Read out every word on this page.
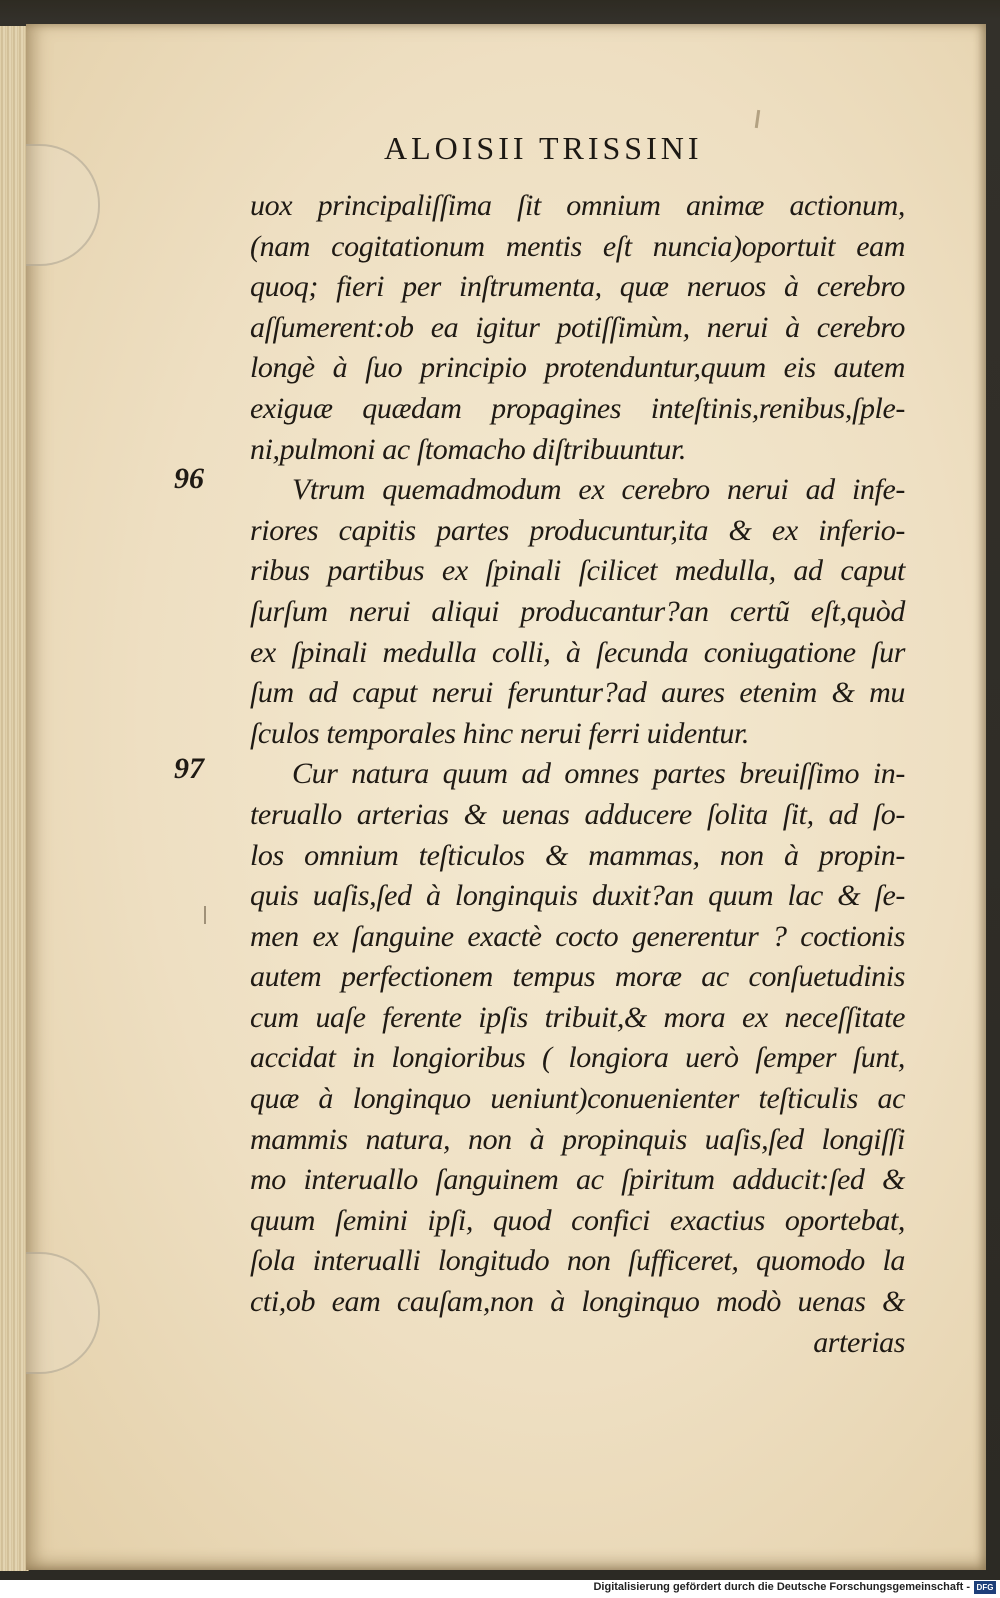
ALOISII TRISSINI
96
97
uox principaliſſima ſit omnium animæ actionum,
(nam cogitationum mentis eſt nuncia)oportuit eam
quoq; fieri per inſtrumenta, quæ neruos à cerebro
aſſumerent:ob ea igitur potiſſimùm, nerui à cerebro
longè à ſuo principio protenduntur,quum eis autem
exiguæ quædam propagines inteſtinis,renibus,ſple-
ni,pulmoni ac ſtomacho diſtribuuntur.
Vtrum quemadmodum ex cerebro nerui ad infe-
riores capitis partes producuntur,ita & ex inferio-
ribus partibus ex ſpinali ſcilicet medulla, ad caput
ſurſum nerui aliqui producantur?an certũ eſt,quòd
ex ſpinali medulla colli, à ſecunda coniugatione ſur
ſum ad caput nerui feruntur?ad aures etenim & mu
ſculos temporales hinc nerui ferri uidentur.
Cur natura quum ad omnes partes breuiſſimo in-
teruallo arterias & uenas adducere ſolita ſit, ad ſo-
los omnium teſticulos & mammas, non à propin-
quis uaſis,ſed à longinquis duxit?an quum lac & ſe-
men ex ſanguine exactè cocto generentur ? coctionis
autem perfectionem tempus moræ ac conſuetudinis
cum uaſe ferente ipſis tribuit,& mora ex neceſſitate
accidat in longioribus ( longiora uerò ſemper ſunt,
quæ à longinquo ueniunt)conuenienter teſticulis ac
mammis natura, non à propinquis uaſis,ſed longiſſi
mo interuallo ſanguinem ac ſpiritum adducit:ſed &
quum ſemini ipſi, quod confici exactius oportebat,
ſola interualli longitudo non ſufficeret, quomodo la
cti,ob eam cauſam,non à longinquo modò uenas &
arterias
Digitalisierung gefördert durch die Deutsche Forschungsgemeinschaft - DFG
